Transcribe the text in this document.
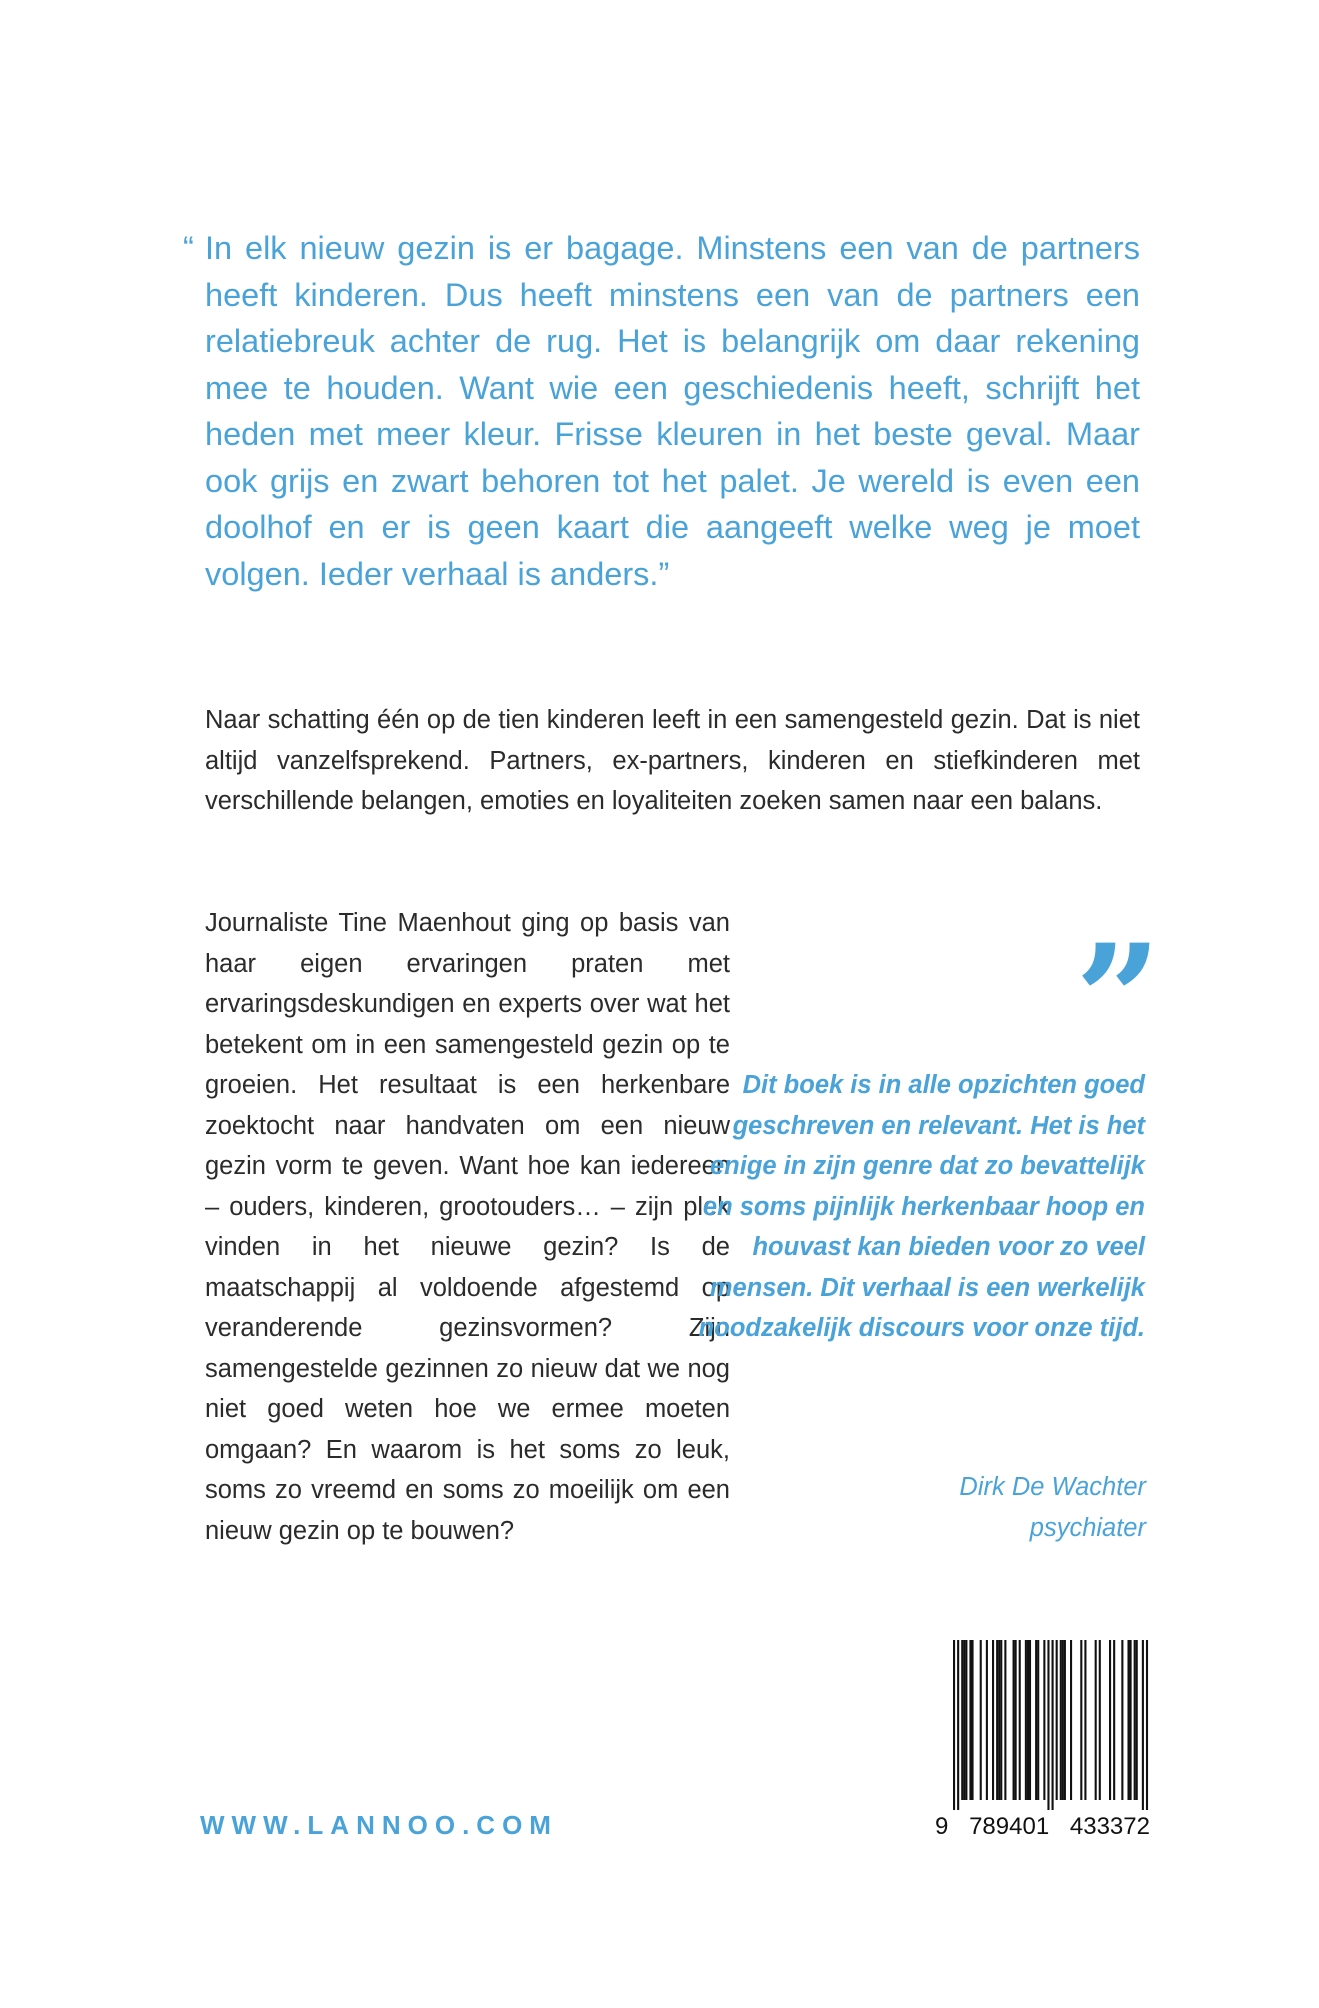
“ In elk nieuw gezin is er bagage. Minstens een van de partners heeft kinderen. Dus heeft minstens een van de partners een relatiebreuk achter de rug. Het is belangrijk om daar rekening mee te houden. Want wie een geschiedenis heeft, schrijft het heden met meer kleur. Frisse kleuren in het beste geval. Maar ook grijs en zwart behoren tot het palet. Je wereld is even een doolhof en er is geen kaart die aangeeft welke weg je moet volgen. Ieder verhaal is anders.”

Naar schatting één op de tien kinderen leeft in een samengesteld gezin. Dat is niet altijd vanzelfsprekend. Partners, ex-partners, kinderen en stiefkinderen met verschillende belangen, emoties en loyaliteiten zoeken samen naar een balans.

Journaliste Tine Maenhout ging op basis van haar eigen ervaringen praten met ervaringsdeskundigen en experts over wat het betekent om in een samengesteld gezin op te groeien. Het resultaat is een herkenbare zoektocht naar handvaten om een nieuw gezin vorm te geven. Want hoe kan iedereen – ouders, kinderen, grootouders… – zijn plek vinden in het nieuwe gezin? Is de maatschappij al voldoende afgestemd op veranderende gezinsvormen? Zijn samengestelde gezinnen zo nieuw dat we nog niet goed weten hoe we ermee moeten omgaan? En waarom is het soms zo leuk, soms zo vreemd en soms zo moeilijk om een nieuw gezin op te bouwen?

”

Dit boek is in alle opzichten goed geschreven en relevant. Het is het enige in zijn genre dat zo bevattelijk en soms pijnlijk herkenbaar hoop en houvast kan bieden voor zo veel mensen. Dit verhaal is een werkelijk noodzakelijk discours voor onze tijd.

Dirk De Wachter
psychiater
WWW.LANNOO.COM	9 789401 433372
